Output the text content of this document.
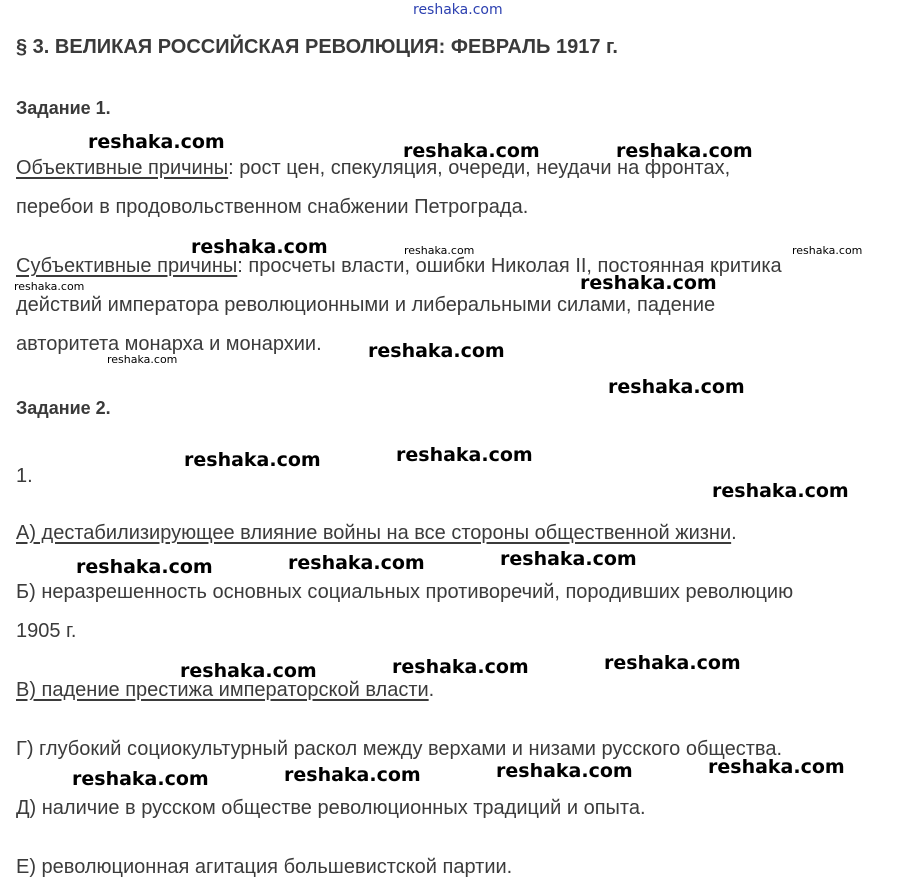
reshaka.com
§ 3. ВЕЛИКАЯ РОССИЙСКАЯ РЕВОЛЮЦИЯ: ФЕВРАЛЬ 1917 г.
Задание 1.
Объективные причины: рост цен, спекуляция, очереди, неудачи на фронтах,
перебои в продовольственном снабжении Петрограда.
Субъективные причины: просчеты власти, ошибки Николая II, постоянная критика
действий императора революционными и либеральными силами, падение
авторитета монарха и монархии.
Задание 2.
1.
А) дестабилизирующее влияние войны на все стороны общественной жизни.
Б) неразрешенность основных социальных противоречий, породивших революцию
1905 г.
В) падение престижа императорской власти.
Г) глубокий социокультурный раскол между верхами и низами русского общества.
Д) наличие в русском обществе революционных традиций и опыта.
Е) революционная агитация большевистской партии.
reshaka.com	reshaka.com	reshaka.com
reshaka.com	reshaka.com	reshaka.com
reshaka.com	reshaka.com
reshaka.com	reshaka.com
reshaka.com
reshaka.com	reshaka.com
reshaka.com
reshaka.com	reshaka.com	reshaka.com
reshaka.com	reshaka.com	reshaka.com
reshaka.com	reshaka.com	reshaka.com	reshaka.com
